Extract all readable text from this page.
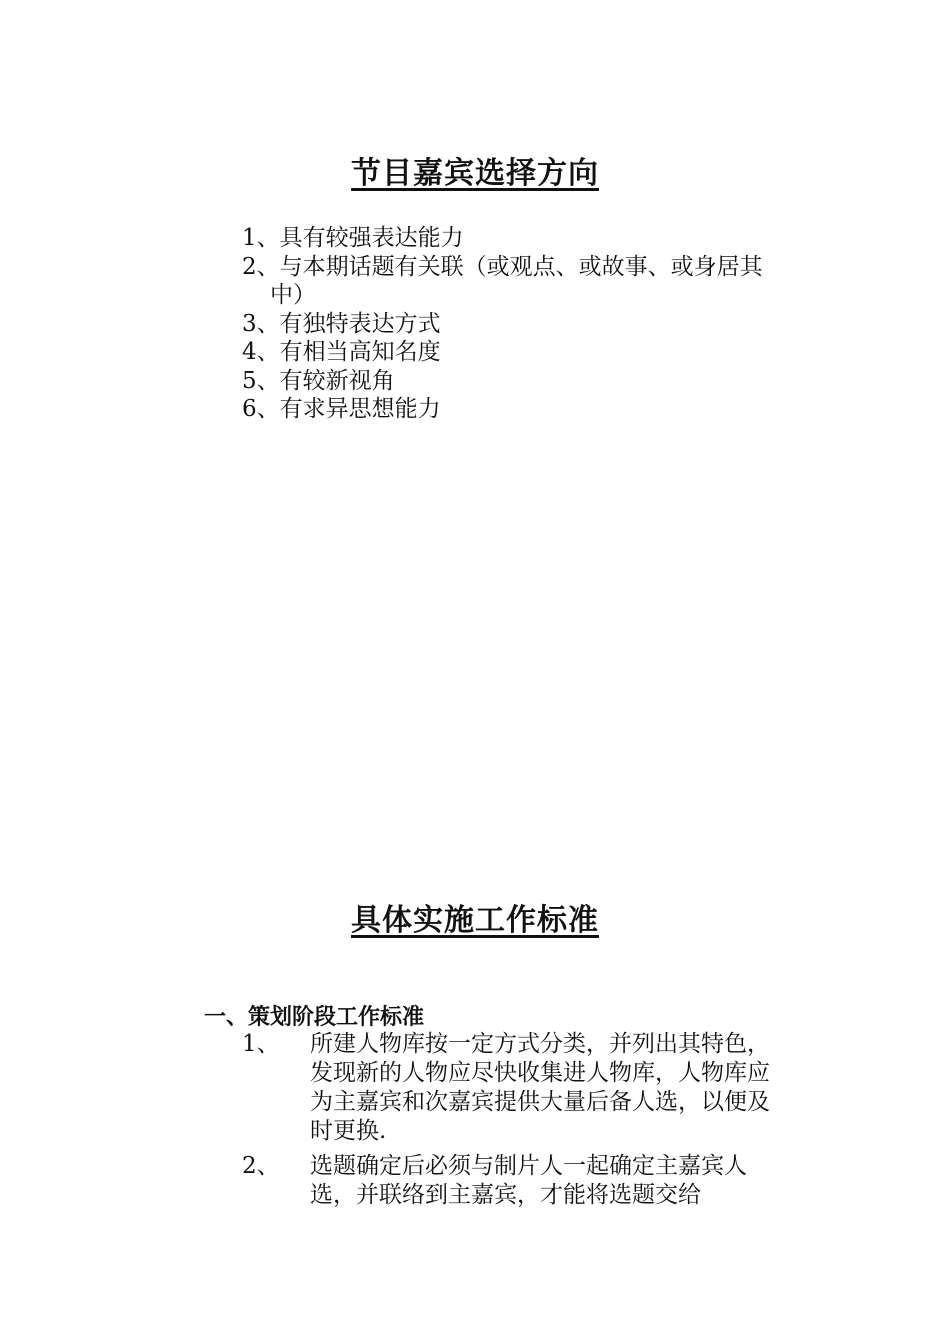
节目嘉宾选择方向
1、具有较强表达能力
2、与本期话题有关联（或观点、或故事、或身居其中）
3、有独特表达方式
4、有相当高知名度
5、有较新视角
6、有求异思想能力
具体实施工作标准
一、策划阶段工作标准
1、	所建人物库按一定方式分类，并列出其特色，发现新的人物应尽快收集进人物库，人物库应为主嘉宾和次嘉宾提供大量后备人选，以便及时更换.
2、	选题确定后必须与制片人一起确定主嘉宾人选，并联络到主嘉宾，才能将选题交给
